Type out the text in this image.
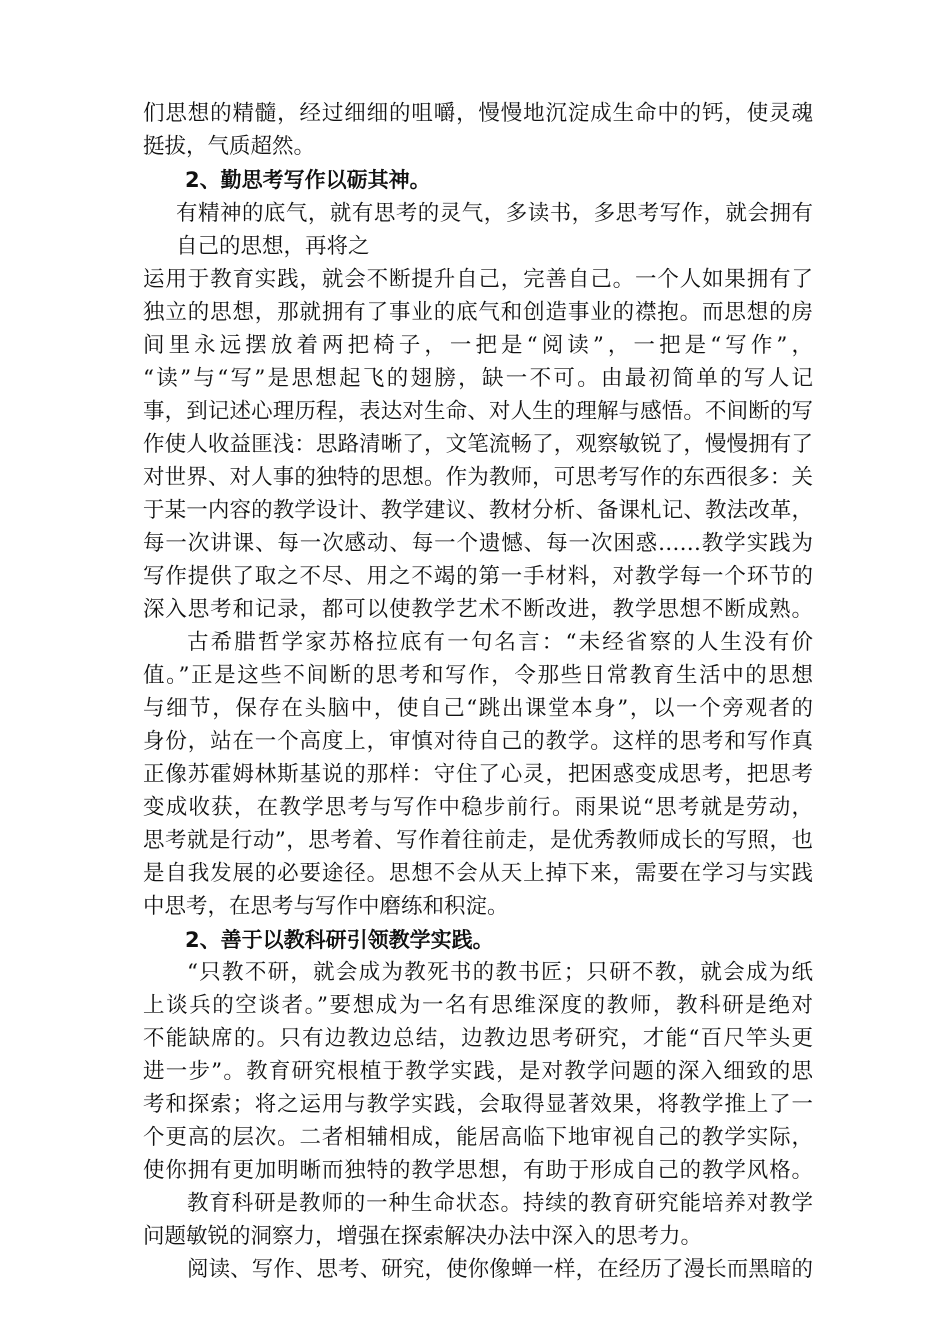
们思想的精髓，经过细细的咀嚼，慢慢地沉淀成生命中的钙，使灵魂
挺拔，气质超然。
2、勤思考写作以砺其神。
有精神的底气，就有思考的灵气，多读书，多思考写作，就会拥有
自己的思想，再将之
运用于教育实践，就会不断提升自己，完善自己。一个人如果拥有了
独立的思想，那就拥有了事业的底气和创造事业的襟抱。而思想的房
间里永远摆放着两把椅子，一把是“阅读”，一把是“写作”，
“读”与“写”是思想起飞的翅膀，缺一不可。由最初简单的写人记
事，到记述心理历程，表达对生命、对人生的理解与感悟。不间断的写
作使人收益匪浅：思路清晰了，文笔流畅了，观察敏锐了，慢慢拥有了
对世界、对人事的独特的思想。作为教师，可思考写作的东西很多：关
于某一内容的教学设计、教学建议、教材分析、备课札记、教法改革，
每一次讲课、每一次感动、每一个遗憾、每一次困惑……教学实践为
写作提供了取之不尽、用之不竭的第一手材料，对教学每一个环节的
深入思考和记录，都可以使教学艺术不断改进，教学思想不断成熟。
古希腊哲学家苏格拉底有一句名言：“未经省察的人生没有价
值。”正是这些不间断的思考和写作，令那些日常教育生活中的思想
与细节，保存在头脑中，使自己“跳出课堂本身”，以一个旁观者的
身份，站在一个高度上，审慎对待自己的教学。这样的思考和写作真
正像苏霍姆林斯基说的那样：守住了心灵，把困惑变成思考，把思考
变成收获，在教学思考与写作中稳步前行。雨果说“思考就是劳动，
思考就是行动”，思考着、写作着往前走，是优秀教师成长的写照，也
是自我发展的必要途径。思想不会从天上掉下来，需要在学习与实践
中思考，在思考与写作中磨练和积淀。
2、善于以教科研引领教学实践。
“只教不研，就会成为教死书的教书匠；只研不教，就会成为纸
上谈兵的空谈者。”要想成为一名有思维深度的教师，教科研是绝对
不能缺席的。只有边教边总结，边教边思考研究，才能“百尺竿头更
进一步”。教育研究根植于教学实践，是对教学问题的深入细致的思
考和探索；将之运用与教学实践，会取得显著效果，将教学推上了一
个更高的层次。二者相辅相成，能居高临下地审视自己的教学实际，
使你拥有更加明晰而独特的教学思想，有助于形成自己的教学风格。
教育科研是教师的一种生命状态。持续的教育研究能培养对教学
问题敏锐的洞察力，增强在探索解决办法中深入的思考力。
阅读、写作、思考、研究，使你像蝉一样，在经历了漫长而黑暗的
